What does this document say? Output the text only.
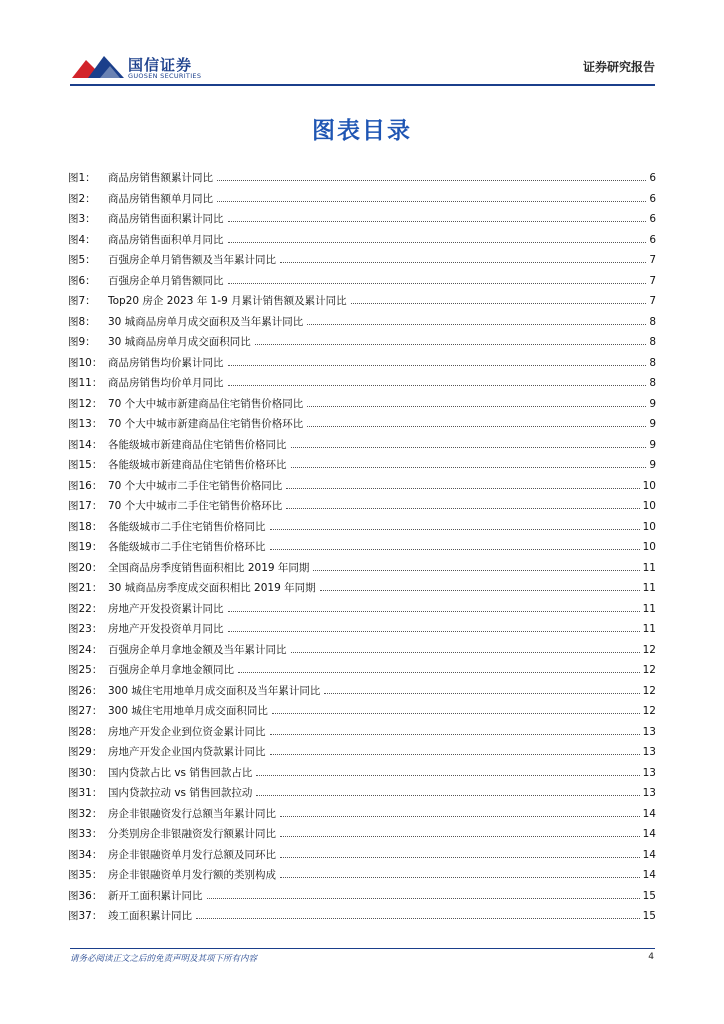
国信证券
GUOSEN SECURITIES
证券研究报告
图表目录
图1：	商品房销售额累计同比	6
图2：	商品房销售额单月同比	6
图3：	商品房销售面积累计同比	6
图4：	商品房销售面积单月同比	6
图5：	百强房企单月销售额及当年累计同比	7
图6：	百强房企单月销售额同比	7
图7：	Top20 房企 2023 年 1-9 月累计销售额及累计同比	7
图8：	30 城商品房单月成交面积及当年累计同比	8
图9：	30 城商品房单月成交面积同比	8
图10： 商品房销售均价累计同比	8
图11： 商品房销售均价单月同比	8
图12： 70 个大中城市新建商品住宅销售价格同比	9
图13： 70 个大中城市新建商品住宅销售价格环比	9
图14： 各能级城市新建商品住宅销售价格同比	9
图15： 各能级城市新建商品住宅销售价格环比	9
图16： 70 个大中城市二手住宅销售价格同比	10
图17： 70 个大中城市二手住宅销售价格环比	10
图18： 各能级城市二手住宅销售价格同比	10
图19： 各能级城市二手住宅销售价格环比	10
图20： 全国商品房季度销售面积相比 2019 年同期	11
图21： 30 城商品房季度成交面积相比 2019 年同期	11
图22： 房地产开发投资累计同比	11
图23： 房地产开发投资单月同比	11
图24： 百强房企单月拿地金额及当年累计同比	12
图25： 百强房企单月拿地金额同比	12
图26： 300 城住宅用地单月成交面积及当年累计同比	12
图27： 300 城住宅用地单月成交面积同比	12
图28： 房地产开发企业到位资金累计同比	13
图29： 房地产开发企业国内贷款累计同比	13
图30： 国内贷款占比 vs 销售回款占比	13
图31： 国内贷款拉动 vs 销售回款拉动	13
图32： 房企非银融资发行总额当年累计同比	14
图33： 分类别房企非银融资发行额累计同比	14
图34： 房企非银融资单月发行总额及同环比	14
图35： 房企非银融资单月发行额的类别构成	14
图36： 新开工面积累计同比	15
图37： 竣工面积累计同比	15
请务必阅读正文之后的免责声明及其项下所有内容	4
